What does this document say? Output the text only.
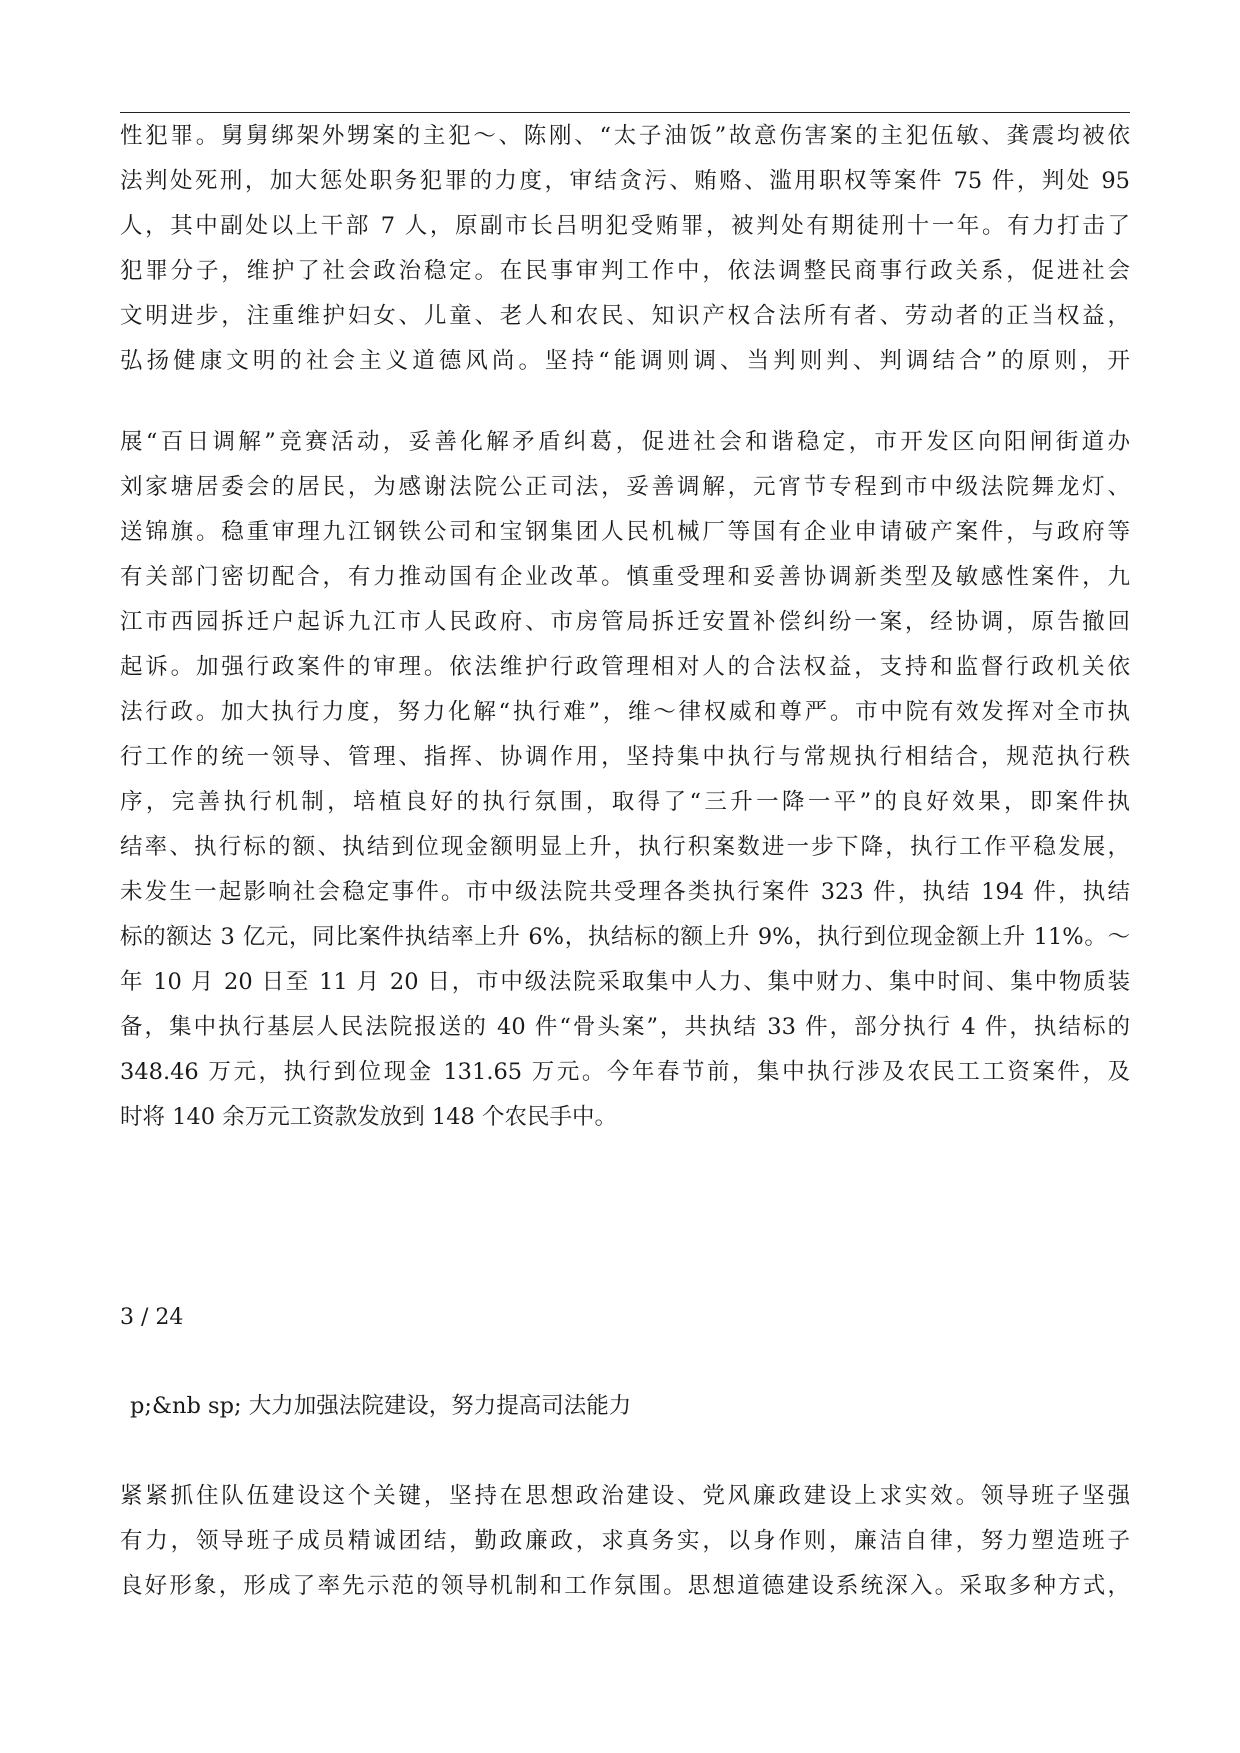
性犯罪。舅舅绑架外甥案的主犯～、陈刚、“太子油饭”故意伤害案的主犯伍敏、龚震均被依
法判处死刑，加大惩处职务犯罪的力度，审结贪污、贿赂、滥用职权等案件 75 件，判处 95
人，其中副处以上干部 7 人，原副市长吕明犯受贿罪，被判处有期徒刑十一年。有力打击了
犯罪分子，维护了社会政治稳定。在民事审判工作中，依法调整民商事行政关系，促进社会
文明进步，注重维护妇女、儿童、老人和农民、知识产权合法所有者、劳动者的正当权益，
弘扬健康文明的社会主义道德风尚。坚持“能调则调、当判则判、判调结合”的原则，开
展“百日调解”竞赛活动，妥善化解矛盾纠葛，促进社会和谐稳定，市开发区向阳闸街道办
刘家塘居委会的居民，为感谢法院公正司法，妥善调解，元宵节专程到市中级法院舞龙灯、
送锦旗。稳重审理九江钢铁公司和宝钢集团人民机械厂等国有企业申请破产案件，与政府等
有关部门密切配合，有力推动国有企业改革。慎重受理和妥善协调新类型及敏感性案件，九
江市西园拆迁户起诉九江市人民政府、市房管局拆迁安置补偿纠纷一案，经协调，原告撤回
起诉。加强行政案件的审理。依法维护行政管理相对人的合法权益，支持和监督行政机关依
法行政。加大执行力度，努力化解“执行难”，维～律权威和尊严。市中院有效发挥对全市执
行工作的统一领导、管理、指挥、协调作用，坚持集中执行与常规执行相结合，规范执行秩
序，完善执行机制，培植良好的执行氛围，取得了“三升一降一平”的良好效果，即案件执
结率、执行标的额、执结到位现金额明显上升，执行积案数进一步下降，执行工作平稳发展，
未发生一起影响社会稳定事件。市中级法院共受理各类执行案件 323 件，执结 194 件，执结
标的额达 3 亿元，同比案件执结率上升 6%，执结标的额上升 9%，执行到位现金额上升 11%。～
年 10 月 20 日至 11 月 20 日，市中级法院采取集中人力、集中财力、集中时间、集中物质装
备，集中执行基层人民法院报送的 40 件“骨头案”，共执结 33 件，部分执行 4 件，执结标的
348.46 万元，执行到位现金 131.65 万元。今年春节前，集中执行涉及农民工工资案件，及
时将 140 余万元工资款发放到 148 个农民手中。
3 / 24
p;&nb sp; 大力加强法院建设，努力提高司法能力
紧紧抓住队伍建设这个关键，坚持在思想政治建设、党风廉政建设上求实效。领导班子坚强
有力，领导班子成员精诚团结，勤政廉政，求真务实，以身作则，廉洁自律，努力塑造班子
良好形象，形成了率先示范的领导机制和工作氛围。思想道德建设系统深入。采取多种方式，
